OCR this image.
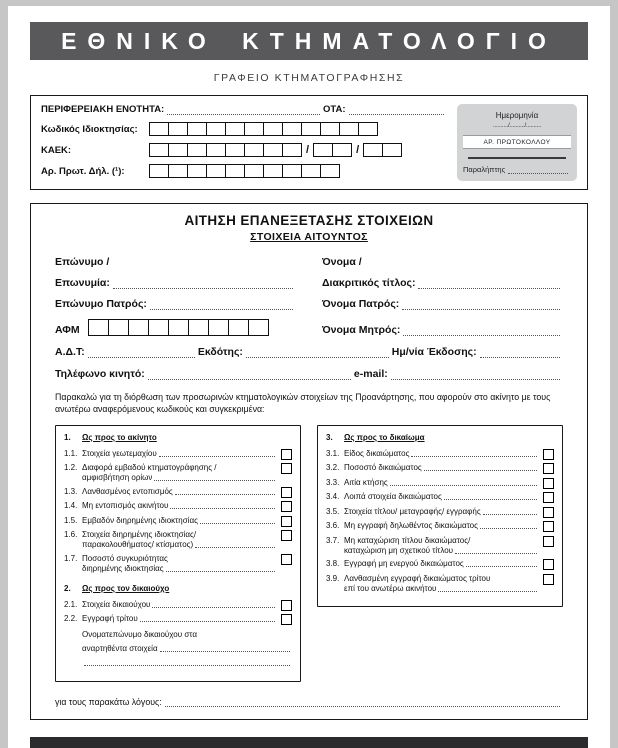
ΕΘΝΙΚΟ ΚΤΗΜΑΤΟΛΟΓΙΟ
ΓΡΑΦΕΙΟ ΚΤΗΜΑΤΟΓΡΑΦΗΣΗΣ
ΠΕΡΙΦΕΡΕΙΑΚΗ ΕΝΟΤΗΤΑ:	ΟΤΑ:
Κωδικός Ιδιοκτησίας:
ΚΑΕΚ:	/	/
Αρ. Πρωτ. Δήλ. (¹):
Ημερομηνία
........../........../..........
ΑΡ. ΠΡΩΤΟΚΟΛΛΟΥ
Παραλήπτης
ΑΙΤΗΣΗ ΕΠΑΝΕΞΕΤΑΣΗΣ ΣΤΟΙΧΕΙΩΝ
ΣΤΟΙΧΕΙΑ ΑΙΤΟΥΝΤΟΣ
Επώνυμο /	Όνομα /
Επωνυμία:	Διακριτικός τίτλος:
Επώνυμο Πατρός:	Όνομα Πατρός:
ΑΦΜ	Όνομα Μητρός:
Α.Δ.Τ:	Εκδότης:	Ημ/νία Έκδοσης:
Τηλέφωνο κινητό:	e-mail:

Παρακαλώ για τη διόρθωση των προσωρινών κτηματολογικών στοιχείων της Προανάρτησης, που αφορούν στο ακίνητο με τους ανωτέρω αναφερόμενους κωδικούς και συγκεκριμένα:

1.	Ως προς το ακίνητο
1.1. Στοιχεία γεωτεμαχίου
1.2. Διαφορά εμβαδού κτηματογράφησης /
αμφισβήτηση ορίων
1.3. Λανθασμένος εντοπισμός
1.4. Μη εντοπισμός ακινήτου
1.5. Εμβαδόν διηρημένης ιδιοκτησίας
1.6. Στοιχεία διηρημένης ιδιοκτησίας/
παρακολουθήματος/ κτίσματος)
1.7. Ποσοστό συγκυριότητας
διηρημένης ιδιοκτησίας
2.	Ως προς τον δικαιούχο
2.1. Στοιχεία δικαιούχου
2.2. Εγγραφή τρίτου
Ονοματεπώνυμο δικαιούχου στα
αναρτηθέντα στοιχεία
3.	Ως προς το δικαίωμα
3.1. Είδος δικαιώματος
3.2. Ποσοστό δικαιώματος
3.3. Αιτία κτήσης
3.4. Λοιπά στοιχεία δικαιώματος
3.5. Στοιχεία τίτλου/ μεταγραφής/ εγγραφής
3.6. Μη εγγραφή δηλωθέντος δικαιώματος
3.7. Μη καταχώριση τίτλου δικαιώματος/
καταχώριση μη σχετικού τίτλου
3.8. Εγγραφή μη ενεργού δικαιώματος
3.9. Λανθασμένη εγγραφή δικαιώματος τρίτου
επί του ανωτέρω ακινήτου
για τους παρακάτω λόγους:
